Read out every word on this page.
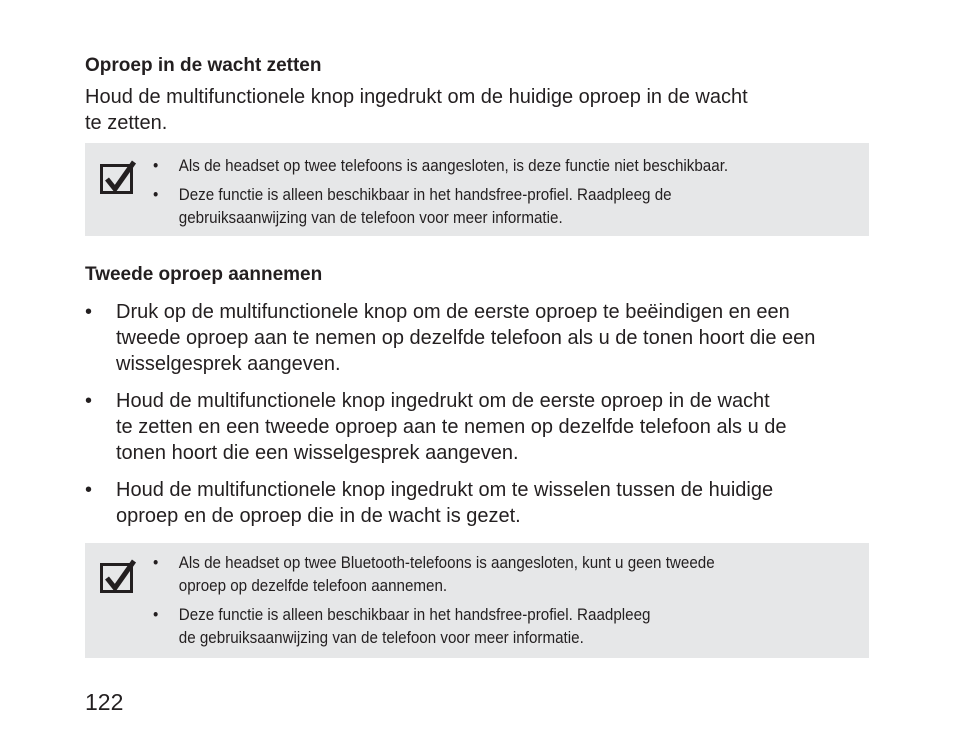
Oproep in de wacht zetten
Houd de multifunctionele knop ingedrukt om de huidige oproep in de wacht
te zetten.
• Als de headset op twee telefoons is aangesloten, is deze functie niet beschikbaar.
• Deze functie is alleen beschikbaar in het handsfree-profiel. Raadpleeg de
gebruiksaanwijzing van de telefoon voor meer informatie.
Tweede oproep aannemen
• Druk op de multifunctionele knop om de eerste oproep te beëindigen en een
tweede oproep aan te nemen op dezelfde telefoon als u de tonen hoort die een
wisselgesprek aangeven.
• Houd de multifunctionele knop ingedrukt om de eerste oproep in de wacht
te zetten en een tweede oproep aan te nemen op dezelfde telefoon als u de
tonen hoort die een wisselgesprek aangeven.
• Houd de multifunctionele knop ingedrukt om te wisselen tussen de huidige
oproep en de oproep die in de wacht is gezet.
• Als de headset op twee Bluetooth-telefoons is aangesloten, kunt u geen tweede
oproep op dezelfde telefoon aannemen.
• Deze functie is alleen beschikbaar in het handsfree-profiel. Raadpleeg
de gebruiksaanwijzing van de telefoon voor meer informatie.
122
